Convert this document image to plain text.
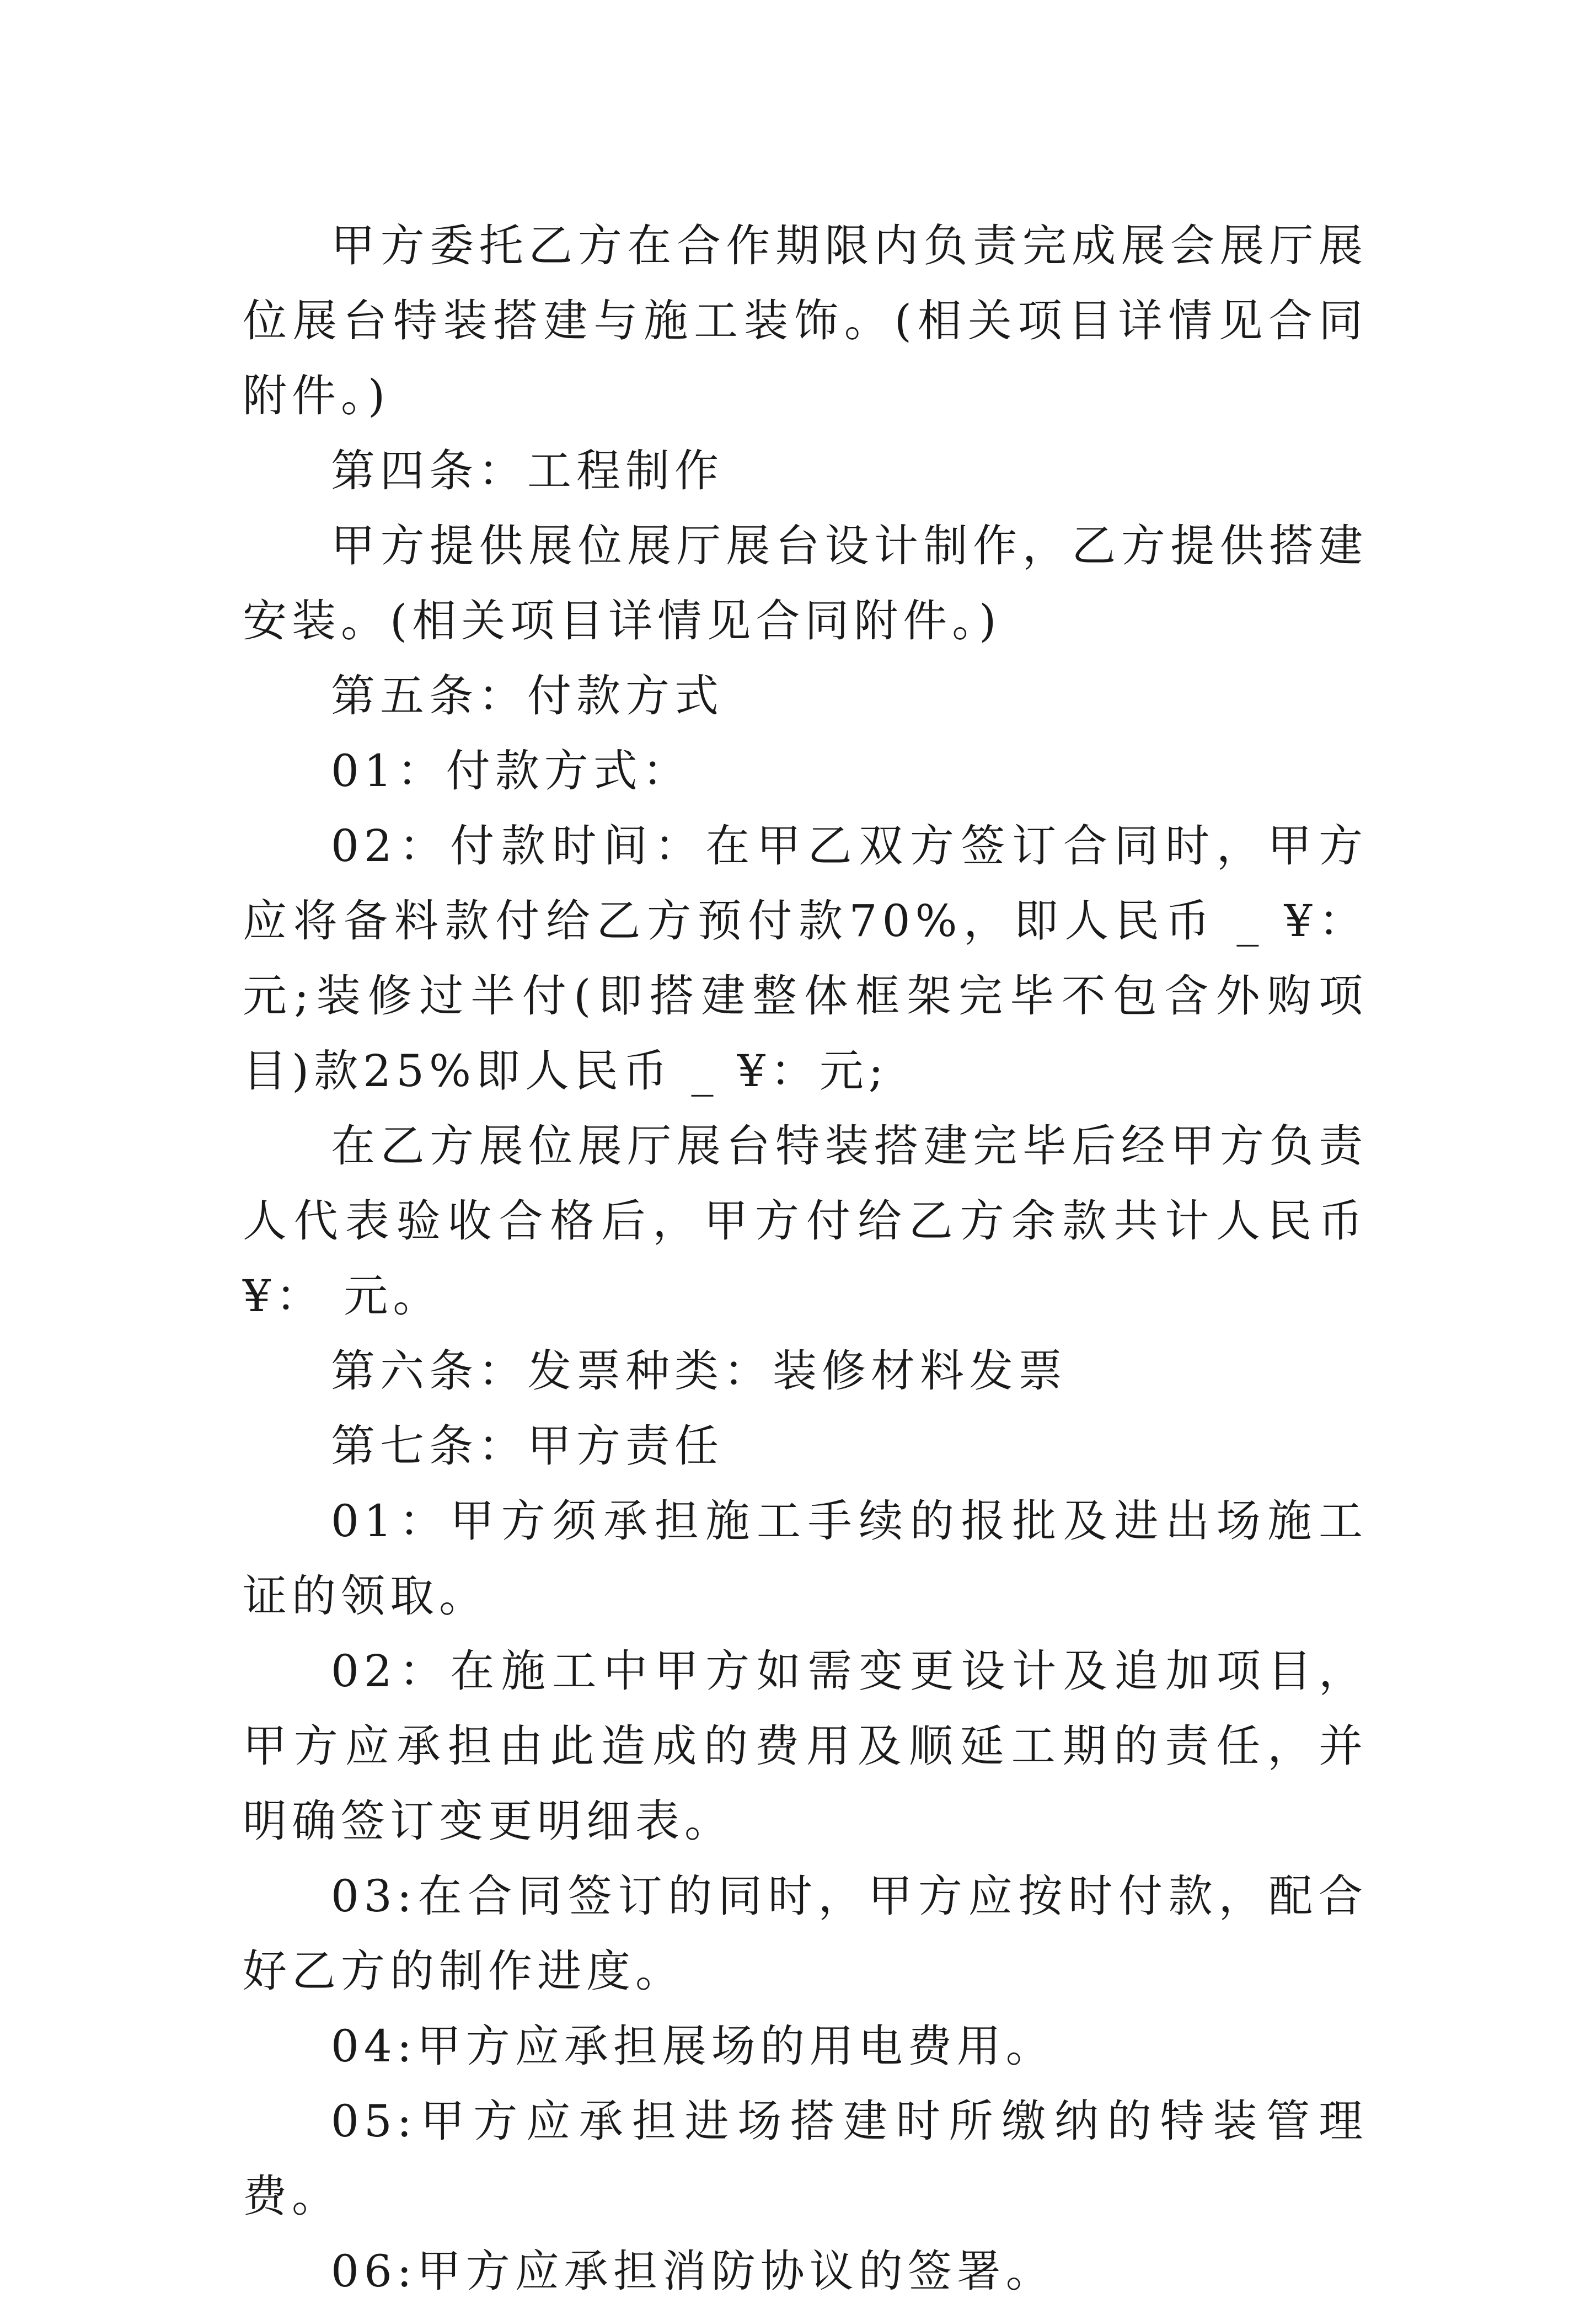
甲方委托乙方在合作期限内负责完成展会展厅展位展台特装搭建与施工装饰。(相关项目详情见合同附件。)

第四条：工程制作

甲方提供展位展厅展台设计制作，乙方提供搭建安装。(相关项目详情见合同附件。)

第五条：付款方式

01：付款方式：

02：付款时间：在甲乙双方签订合同时，甲方应将备料款付给乙方预付款70%，即人民币 _ ¥： 元;装修过半付(即搭建整体框架完毕不包含外购项目)款25%即人民币 _ ¥：元;

在乙方展位展厅展台特装搭建完毕后经甲方负责人代表验收合格后，甲方付给乙方余款共计人民币 ¥： 元。

第六条：发票种类：装修材料发票

第七条：甲方责任

01：甲方须承担施工手续的报批及进出场施工证的领取。

02：在施工中甲方如需变更设计及追加项目，甲方应承担由此造成的费用及顺延工期的责任，并明确签订变更明细表。

03:在合同签订的同时，甲方应按时付款，配合好乙方的制作进度。

04:甲方应承担展场的用电费用。

05:甲方应承担进场搭建时所缴纳的特装管理费。

06:甲方应承担消防协议的签署。
